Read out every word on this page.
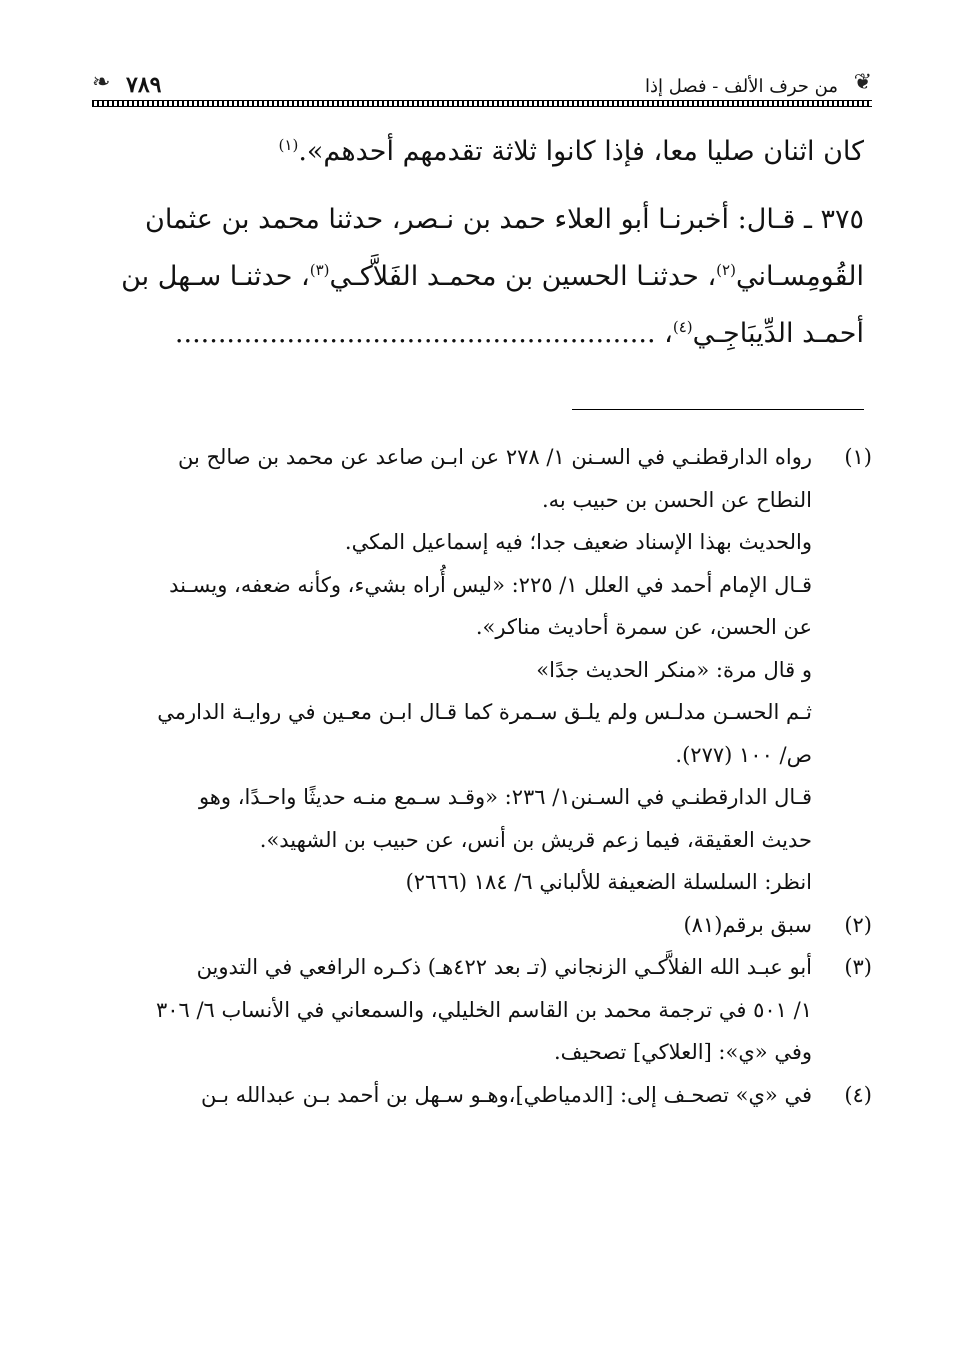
❦
من حرف الألف - فصل إذا
٧٨٩
❧
كان اثنان صليا معا، فإذا كانوا ثلاثة تقدمهم أحدهم».$^{(١)}$
٣٧٥ ـ قـال: أخبرنـا أبو العلاء حمد بن نـصر، حدثنا محمد بن عثمان
القُومِسـاني$^{(٢)}$، حدثنـا الحسين بن محمـد الفَلاَّكـي$^{(٣)}$، حدثنـا سـهل بن
أحمـد الدِّيبَاجِـي$^{(٤)}$، ........................................................
(١)
رواه الدارقطنـي في السـنن ١/ ٢٧٨ عن ابـن صاعد عن محمد بن صالح بن
النطاح عن الحسن بن حبيب به.
والحديث بهذا الإسناد ضعيف جدا؛ فيه إسماعيل المكي.
قـال الإمام أحمد في العلل ١/ ٢٢٥: «ليس أُراه بشيء، وكأنه ضعفه، ويسـند
عن الحسن، عن سمرة أحاديث مناكر».
و قال مرة: «منكر الحديث جدًا»
ثـم الحسـن مدلـس ولم يلـق سـمرة كما قـال ابـن معـين في روايـة الدارمي
ص/ ١٠٠ (٢٧٧).
قـال الدارقطنـي في السـنن١/ ٢٣٦: «وقـد سـمع منـه حديثًا واحـدًا، وهو
حديث العقيقة، فيما زعم قريش بن أنس، عن حبيب بن الشهيد».
انظر: السلسلة الضعيفة للألباني ٦/ ١٨٤ (٢٦٦٦)
(٢)
سبق برقم(٨١)
(٣)
أبو عبـد الله الفلاَّكـي الزنجاني (تـ بعد ٤٢٢هـ) ذكـره الرافعي في التدوين
١/ ٥٠١ في ترجمة محمد بن القاسم الخليلي، والسمعاني في الأنساب ٦/ ٣٠٦
وفي «ي»: [العلاكي] تصحيف.
(٤)
في «ي» تصحـف إلى: [الدمياطي]،وهـو سـهل بن أحمد بـن عبدالله بـن
